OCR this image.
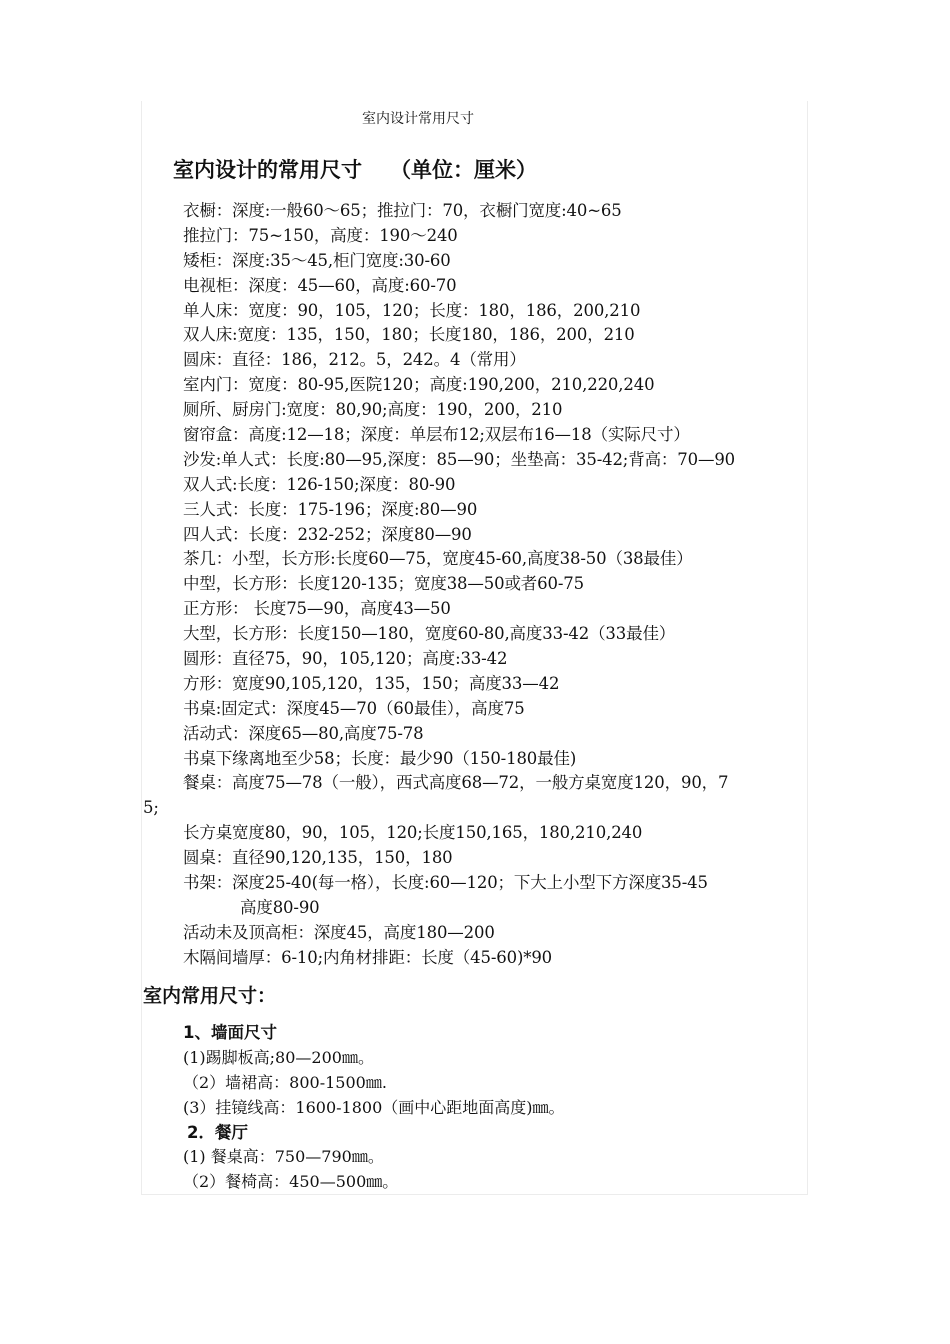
室内设计常用尺寸
室内设计的常用尺寸 （单位：厘米）
衣橱：深度:一般60～65；推拉门：70，衣橱门宽度:40~65
推拉门：75~150，高度：190～240
矮柜：深度:35～45,柜门宽度:30-60
电视柜：深度：45—60，高度:60-70
单人床：宽度：90，105，120；长度：180，186，200,210
双人床:宽度：135，150，180；长度180，186，200，210
圆床：直径：186，212。5，242。4（常用）
室内门：宽度：80-95,医院120；高度:190,200，210,220,240
厕所、厨房门:宽度：80,90;高度：190，200，210
窗帘盒：高度:12—18；深度：单层布12;双层布16—18（实际尺寸）
沙发:单人式：长度:80—95,深度：85—90；坐垫高：35-42;背高：70—90
双人式:长度：126-150;深度：80-90
三人式：长度：175-196；深度:80—90
四人式：长度：232-252；深度80—90
茶几：小型，长方形:长度60—75，宽度45-60,高度38-50（38最佳）
中型，长方形：长度120-135；宽度38—50或者60-75
正方形： 长度75—90，高度43—50
大型，长方形：长度150—180，宽度60-80,高度33-42（33最佳）
圆形：直径75，90，105,120；高度:33-42
方形：宽度90,105,120，135，150；高度33—42
书桌:固定式：深度45—70（60最佳），高度75
活动式：深度65—80,高度75-78
书桌下缘离地至少58；长度：最少90（150-180最佳)
餐桌：高度75—78（一般），西式高度68—72，一般方桌宽度120，90，7
5;
长方桌宽度80，90，105，120;长度150,165，180,210,240
圆桌：直径90,120,135，150，180
书架：深度25-40(每一格），长度:60—120；下大上小型下方深度35-45
高度80-90
活动未及顶高柜：深度45，高度180—200
木隔间墙厚：6-10;内角材排距：长度（45-60)*90
室内常用尺寸：
1、墙面尺寸
(1)踢脚板高;80—200㎜。
（2）墙裙高：800-1500㎜.
(3）挂镜线高：1600-1800（画中心距地面高度)㎜。
2．餐厅
(1) 餐桌高：750—790㎜。
（2）餐椅高：450—500㎜。
